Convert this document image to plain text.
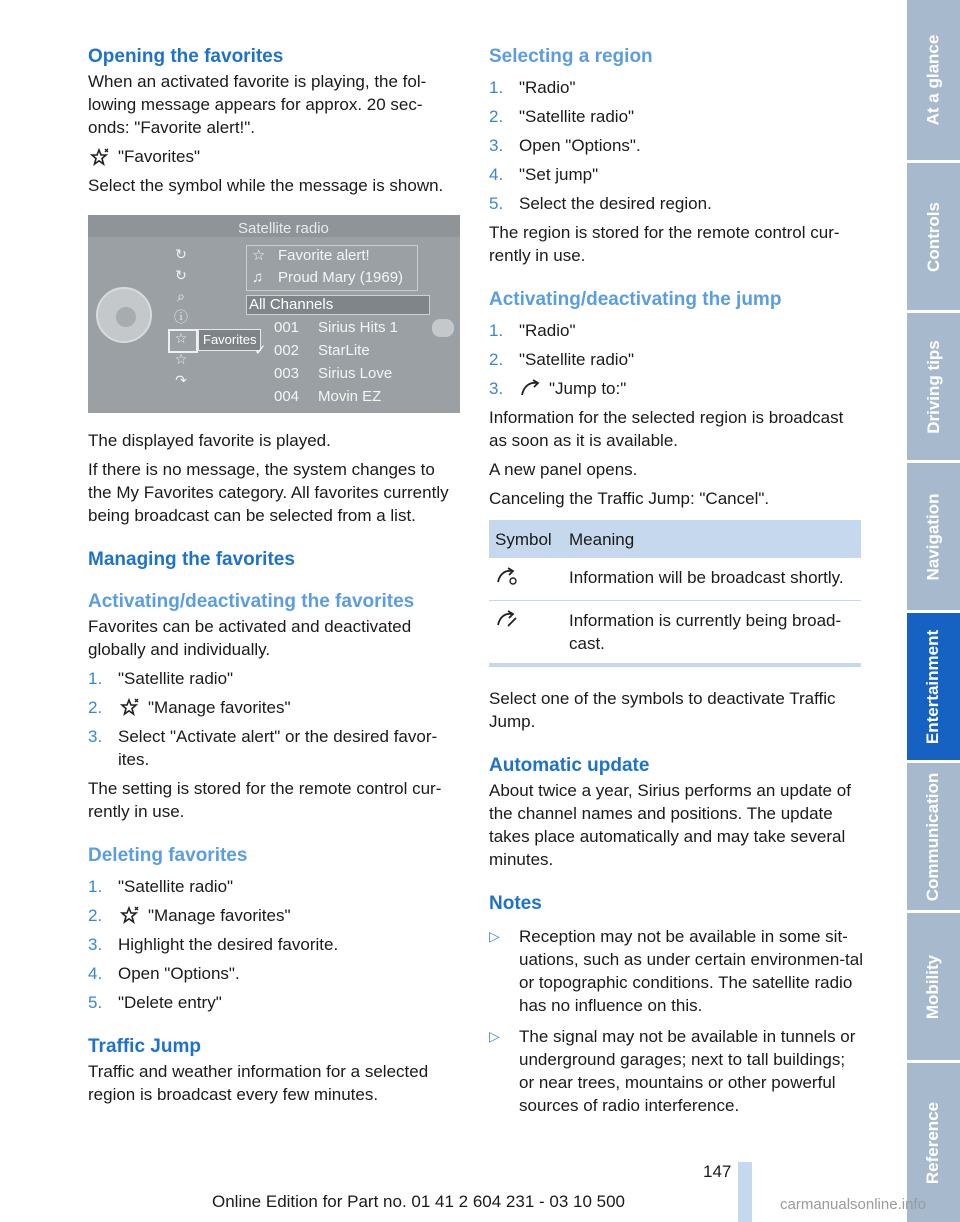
Opening the favorites

When an activated favorite is playing, the fol-lowing message appears for approx. 20 sec-onds: "Favorite alert!".

"Favorites"

Select the symbol while the message is shown.

Satellite radio
↻
↻
⌕
ⓘ
☆
☆
↷
Favorites
☆ Favorite alert!
♫ Proud Mary (1969)
All Channels
001 Sirius Hits 1
✓ 002 StarLite
003 Sirius Love
004 Movin EZ

The displayed favorite is played.

If there is no message, the system changes to the My Favorites category. All favorites currently being broadcast can be selected from a list.

Managing the favorites
Activating/deactivating the favorites

Favorites can be activated and deactivated globally and individually.

1. "Satellite radio"
2.	"Manage favorites"
3. Select "Activate alert" or the desired favor-ites.

The setting is stored for the remote control cur-rently in use.

Deleting favorites
1. "Satellite radio"
2.	"Manage favorites"
3. Highlight the desired favorite.
4. Open "Options".
5. "Delete entry"
Traffic Jump

Traffic and weather information for a selected region is broadcast every few minutes.

Selecting a region
1. "Radio"
2. "Satellite radio"
3. Open "Options".
4. "Set jump"
5. Select the desired region.

The region is stored for the remote control cur-rently in use.

Activating/deactivating the jump
1. "Radio"
2. "Satellite radio"
3.	"Jump to:"

Information for the selected region is broadcast as soon as it is available.

A new panel opens.

Canceling the Traffic Jump: "Cancel".

Symbol	Meaning
	Information will be broadcast shortly.
	Information is currently being broad-cast.

Select one of the symbols to deactivate Traffic Jump.

Automatic update

About twice a year, Sirius performs an update of the channel names and positions. The update takes place automatically and may take several minutes.

Notes
▷	Reception may not be available in some sit-uations, such as under certain environmen-tal or topographic conditions. The satellite radio has no influence on this.
▷	The signal may not be available in tunnels or underground garages; next to tall buildings; or near trees, mountains or other powerful sources of radio interference.
At a glance
Controls
Driving tips
Navigation
Entertainment
Communication
Mobility
Reference
147
Online Edition for Part no. 01 41 2 604 231 - 03 10 500	carmanualsonline.info
